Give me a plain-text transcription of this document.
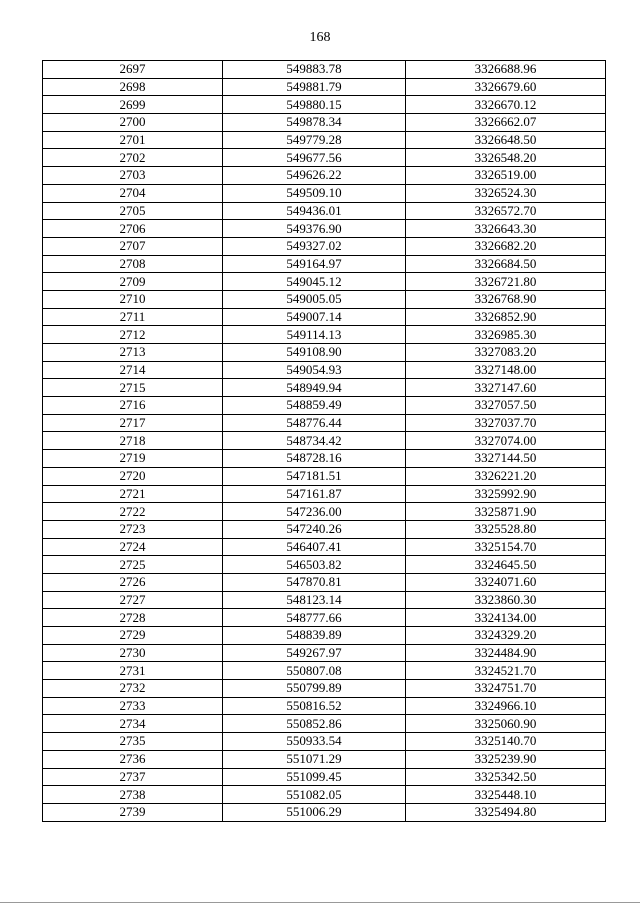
168
2697	549883.78	3326688.96
2698	549881.79	3326679.60
2699	549880.15	3326670.12
2700	549878.34	3326662.07
2701	549779.28	3326648.50
2702	549677.56	3326548.20
2703	549626.22	3326519.00
2704	549509.10	3326524.30
2705	549436.01	3326572.70
2706	549376.90	3326643.30
2707	549327.02	3326682.20
2708	549164.97	3326684.50
2709	549045.12	3326721.80
2710	549005.05	3326768.90
2711	549007.14	3326852.90
2712	549114.13	3326985.30
2713	549108.90	3327083.20
2714	549054.93	3327148.00
2715	548949.94	3327147.60
2716	548859.49	3327057.50
2717	548776.44	3327037.70
2718	548734.42	3327074.00
2719	548728.16	3327144.50
2720	547181.51	3326221.20
2721	547161.87	3325992.90
2722	547236.00	3325871.90
2723	547240.26	3325528.80
2724	546407.41	3325154.70
2725	546503.82	3324645.50
2726	547870.81	3324071.60
2727	548123.14	3323860.30
2728	548777.66	3324134.00
2729	548839.89	3324329.20
2730	549267.97	3324484.90
2731	550807.08	3324521.70
2732	550799.89	3324751.70
2733	550816.52	3324966.10
2734	550852.86	3325060.90
2735	550933.54	3325140.70
2736	551071.29	3325239.90
2737	551099.45	3325342.50
2738	551082.05	3325448.10
2739	551006.29	3325494.80
